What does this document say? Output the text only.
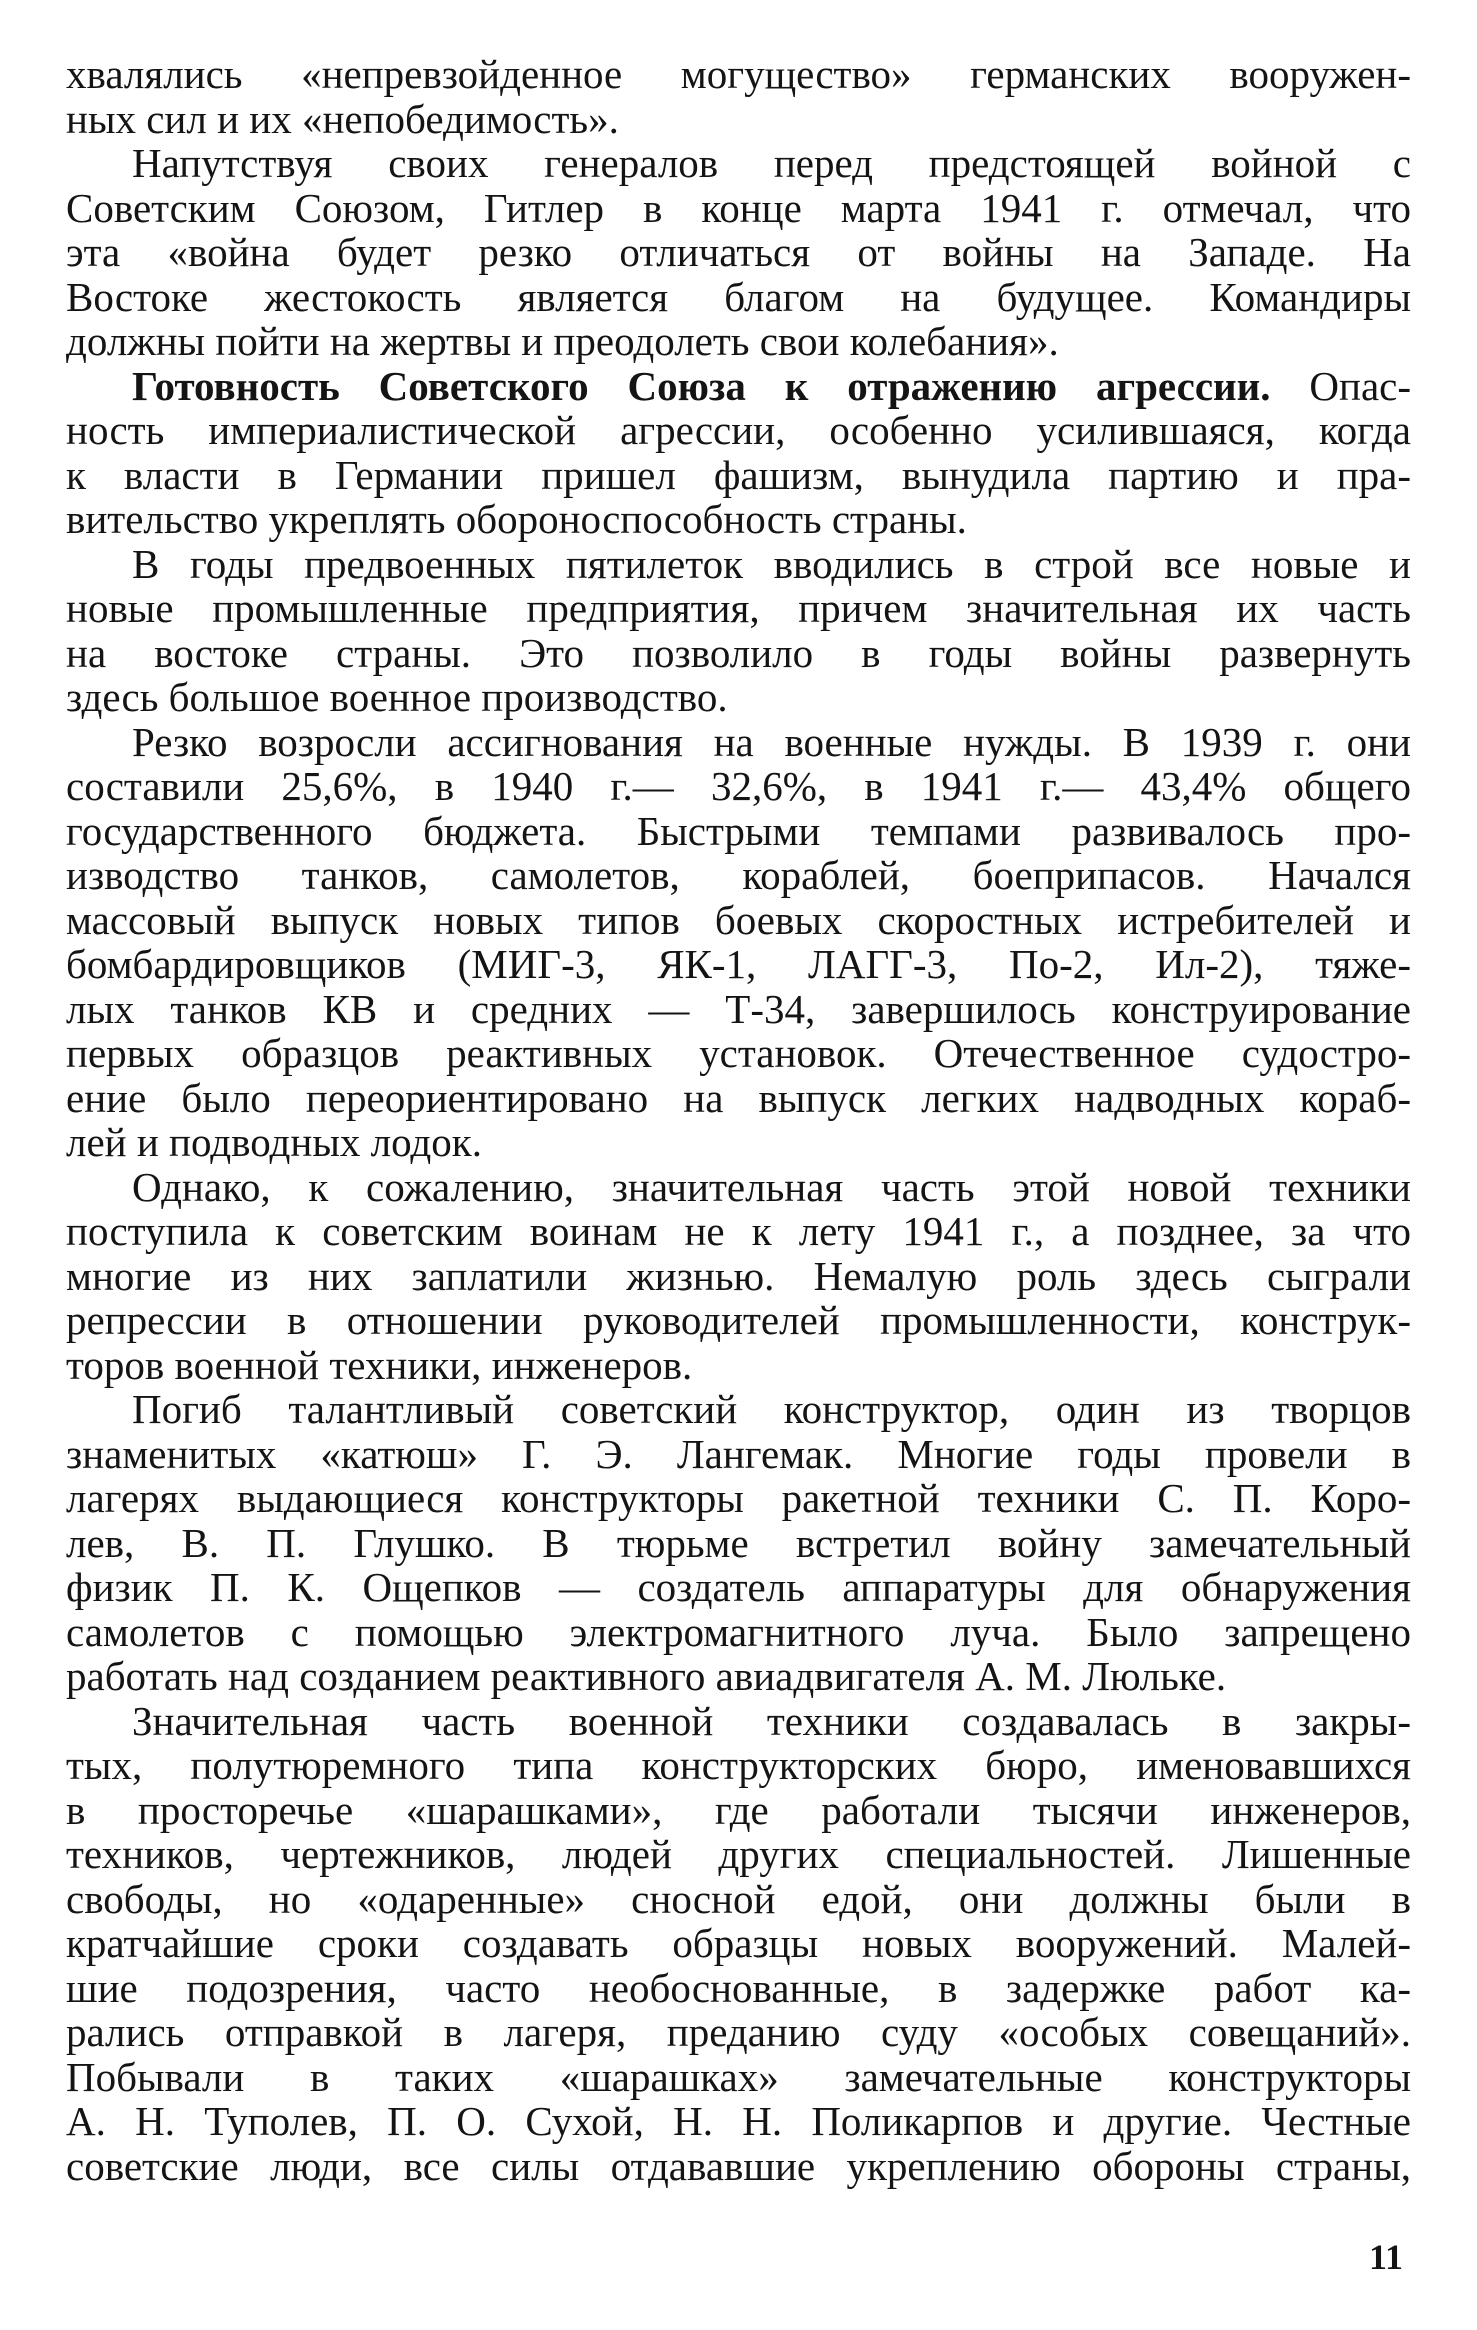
хвалялись «непревзойденное могущество» германских вооружен-
ных сил и их «непобедимость».
Напутствуя своих генералов перед предстоящей войной с
Советским Союзом, Гитлер в конце марта 1941 г. отмечал, что
эта «война будет резко отличаться от войны на Западе. На
Востоке жестокость является благом на будущее. Командиры
должны пойти на жертвы и преодолеть свои колебания».
Готовность Советского Союза к отражению агрессии. Опас-
ность империалистической агрессии, особенно усилившаяся, когда
к власти в Германии пришел фашизм, вынудила партию и пра-
вительство укреплять обороноспособность страны.
В годы предвоенных пятилеток вводились в строй все новые и
новые промышленные предприятия, причем значительная их часть
на востоке страны. Это позволило в годы войны развернуть
здесь большое военное производство.
Резко возросли ассигнования на военные нужды. В 1939 г. они
составили 25,6%, в 1940 г.— 32,6%, в 1941 г.— 43,4% общего
государственного бюджета. Быстрыми темпами развивалось про-
изводство танков, самолетов, кораблей, боеприпасов. Начался
массовый выпуск новых типов боевых скоростных истребителей и
бомбардировщиков (МИГ-3, ЯК-1, ЛАГГ-3, По-2, Ил-2), тяже-
лых танков КВ и средних — Т-34, завершилось конструирование
первых образцов реактивных установок. Отечественное судостро-
ение было переориентировано на выпуск легких надводных кораб-
лей и подводных лодок.
Однако, к сожалению, значительная часть этой новой техники
поступила к советским воинам не к лету 1941 г., а позднее, за что
многие из них заплатили жизнью. Немалую роль здесь сыграли
репрессии в отношении руководителей промышленности, конструк-
торов военной техники, инженеров.
Погиб талантливый советский конструктор, один из творцов
знаменитых «катюш» Г. Э. Лангемак. Многие годы провели в
лагерях выдающиеся конструкторы ракетной техники С. П. Коро-
лев, В. П. Глушко. В тюрьме встретил войну замечательный
физик П. К. Ощепков — создатель аппаратуры для обнаружения
самолетов с помощью электромагнитного луча. Было запрещено
работать над созданием реактивного авиадвигателя А. М. Люльке.
Значительная часть военной техники создавалась в закры-
тых, полутюремного типа конструкторских бюро, именовавшихся
в просторечье «шарашками», где работали тысячи инженеров,
техников, чертежников, людей других специальностей. Лишенные
свободы, но «одаренные» сносной едой, они должны были в
кратчайшие сроки создавать образцы новых вооружений. Малей-
шие подозрения, часто необоснованные, в задержке работ ка-
рались отправкой в лагеря, преданию суду «особых совещаний».
Побывали в таких «шарашках» замечательные конструкторы
А. Н. Туполев, П. О. Сухой, Н. Н. Поликарпов и другие. Честные
советские люди, все силы отдававшие укреплению обороны страны,
11
